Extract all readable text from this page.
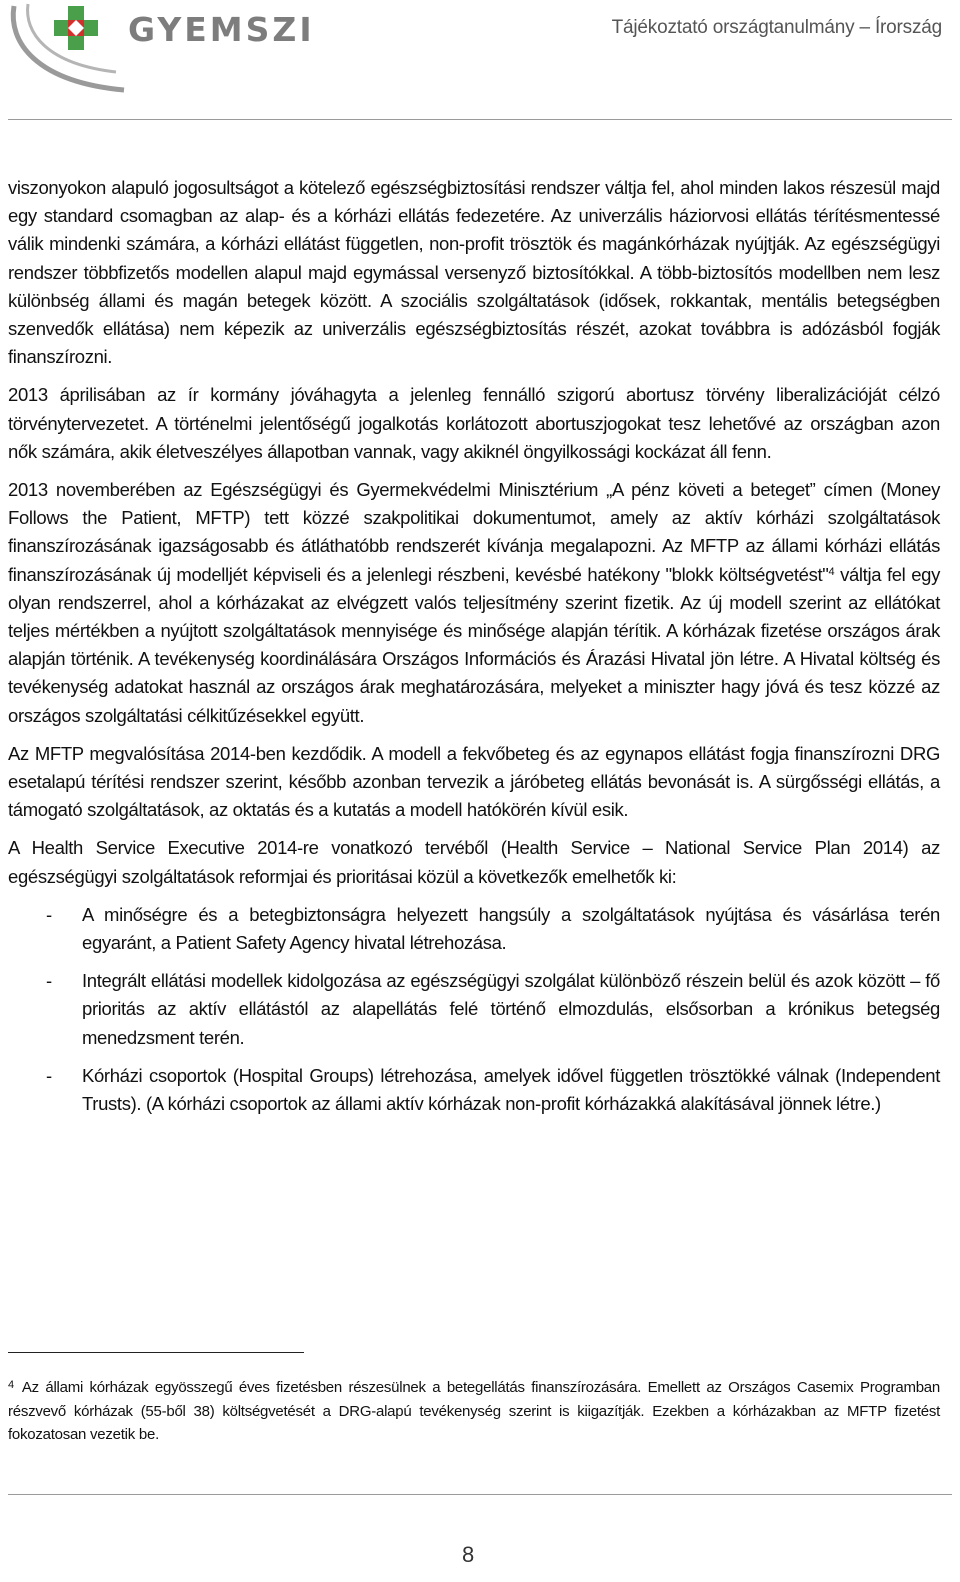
GYEMSZI	Tájékoztató országtanulmány – Írország

viszonyokon alapuló jogosultságot a kötelező egészségbiztosítási rendszer váltja fel, ahol minden lakos részesül majd egy standard csomagban az alap- és a kórházi ellátás fedezetére. Az univerzális háziorvosi ellátás térítésmentessé válik mindenki számára, a kórházi ellátást független, non-profit trösztök és magánkórházak nyújtják. Az egészségügyi rendszer többfizetős modellen alapul majd egymással versenyző biztosítókkal. A több-biztosítós modellben nem lesz különbség állami és magán betegek között. A szociális szolgáltatások (idősek, rokkantak, mentális betegségben szenvedők ellátása) nem képezik az univerzális egészségbiztosítás részét, azokat továbbra is adózásból fogják finanszírozni.

2013 áprilisában az ír kormány jóváhagyta a jelenleg fennálló szigorú abortusz törvény liberalizációját célzó törvénytervezetet. A történelmi jelentőségű jogalkotás korlátozott abortuszjogokat tesz lehetővé az országban azon nők számára, akik életveszélyes állapotban vannak, vagy akiknél öngyilkossági kockázat áll fenn.

2013 novemberében az Egészségügyi és Gyermekvédelmi Minisztérium „A pénz követi a beteget” címen (Money Follows the Patient, MFTP) tett közzé szakpolitikai dokumentumot, amely az aktív kórházi szolgáltatások finanszírozásának igazságosabb és átláthatóbb rendszerét kívánja megalapozni. Az MFTP az állami kórházi ellátás finanszírozásának új modelljét képviseli és a jelenlegi részbeni, kevésbé hatékony "blokk költségvetést"$^4$ váltja fel egy olyan rendszerrel, ahol a kórházakat az elvégzett valós teljesítmény szerint fizetik. Az új modell szerint az ellátókat teljes mértékben a nyújtott szolgáltatások mennyisége és minősége alapján térítik. A kórházak fizetése országos árak alapján történik. A tevékenység koordinálására Országos Információs és Árazási Hivatal jön létre. A Hivatal költség és tevékenység adatokat használ az országos árak meghatározására, melyeket a miniszter hagy jóvá és tesz közzé az országos szolgáltatási célkitűzésekkel együtt.

Az MFTP megvalósítása 2014-ben kezdődik. A modell a fekvőbeteg és az egynapos ellátást fogja finanszírozni DRG esetalapú térítési rendszer szerint, később azonban tervezik a járóbeteg ellátás bevonását is. A sürgősségi ellátás, a támogató szolgáltatások, az oktatás és a kutatás a modell hatókörén kívül esik.

A Health Service Executive 2014-re vonatkozó tervéből (Health Service – National Service Plan 2014) az egészségügyi szolgáltatások reformjai és prioritásai közül a következők emelhetők ki:

- A minőségre és a betegbiztonságra helyezett hangsúly a szolgáltatások nyújtása és vásárlása terén egyaránt, a Patient Safety Agency hivatal létrehozása.
- Integrált ellátási modellek kidolgozása az egészségügyi szolgálat különböző részein belül és azok között – fő prioritás az aktív ellátástól az alapellátás felé történő elmozdulás, elsősorban a krónikus betegség menedzsment terén.
- Kórházi csoportok (Hospital Groups) létrehozása, amelyek idővel független trösztökké válnak (Independent Trusts). (A kórházi csoportok az állami aktív kórházak non-profit kórházakká alakításával jönnek létre.)
$^4$ Az állami kórházak egyösszegű éves fizetésben részesülnek a betegellátás finanszírozására. Emellett az Országos Casemix Programban részvevő kórházak (55-ből 38) költségvetését a DRG-alapú tevékenység szerint is kiigazítják. Ezekben a kórházakban az MFTP fizetést fokozatosan vezetik be.
8
